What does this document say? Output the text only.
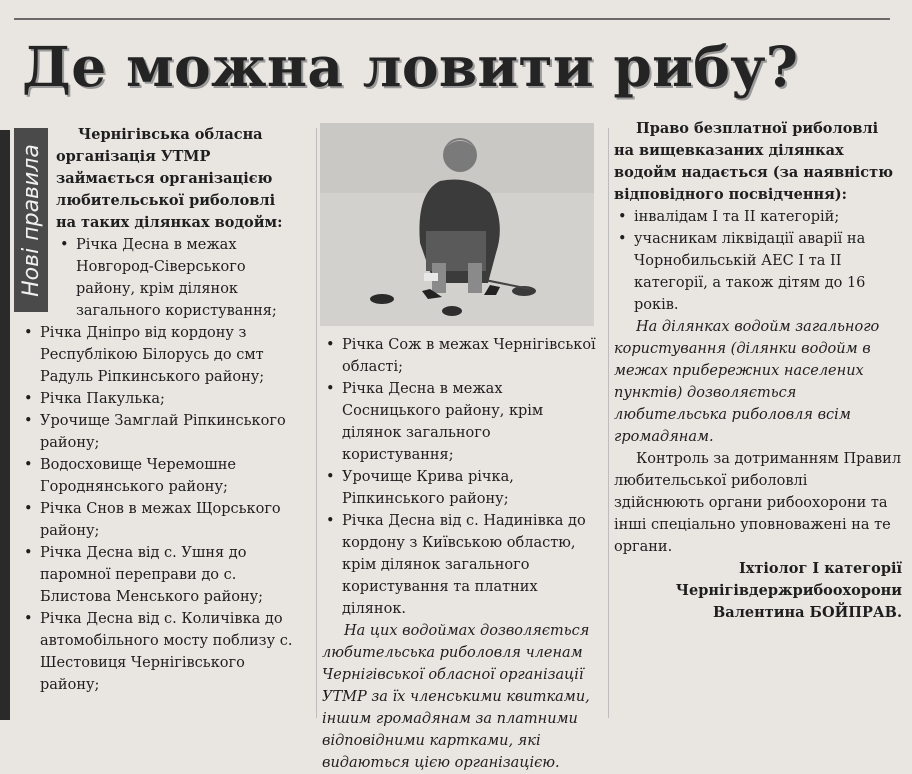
Де можна ловити рибу?
Нові правила

Чернігівська обласна організація УТМР займається організацією любительської риболовлі на таких ділянках водойм:

• Річка Десна в межах Новгород-Сіверського району, крім ділянок загального користування;
• Річка Дніпро від кордону з Республікою Білорусь до смт Радуль Ріпкинського району;
• Річка Пакулька;
• Урочище Замглай Ріпкинського району;
• Водосховище Черемошне Городнянського району;
• Річка Снов в межах Щорського району;
• Річка Десна від с. Ушня до паромної переправи до с. Блистова Менського району;
• Річка Десна від с. Количівка до автомобільного мосту поблизу с. Шестовиця Чернігівського району;
• Річка Сож в межах Чернігівської області;
• Річка Десна в межах Сосницького району, крім ділянок загального користування;
• Урочище Крива річка, Ріпкинського району;
• Річка Десна від с. Надинівка до кордону з Київською областю, крім ділянок загального користування та платних ділянок.

На цих водоймах дозволяється любительська риболовля членам Чернігівської обласної організації УТМР за їх членськими квитками, іншим громадянам за платними відповідними картками, які видаються цією організацією.

Право безплатної риболовлі на вищевказаних ділянках водойм надається (за наявністю відповідного посвідчення):

• інвалідам I та II категорій;
• учасникам ліквідації аварії на Чорнобильській АЕС I та II категорії, а також дітям до 16 років.

На ділянках водойм загального користування (ділянки водойм в межах прибережних населених пунктів) дозволяється любительська риболовля всім громадянам.

Контроль за дотриманням Правил любительської риболовлі здійснюють органи рибоохорони та інші спеціально уповноважені на те органи.

Іхтіолог I категорії

Чернігівдержрибоохорони

Валентина БОЙПРАВ.
